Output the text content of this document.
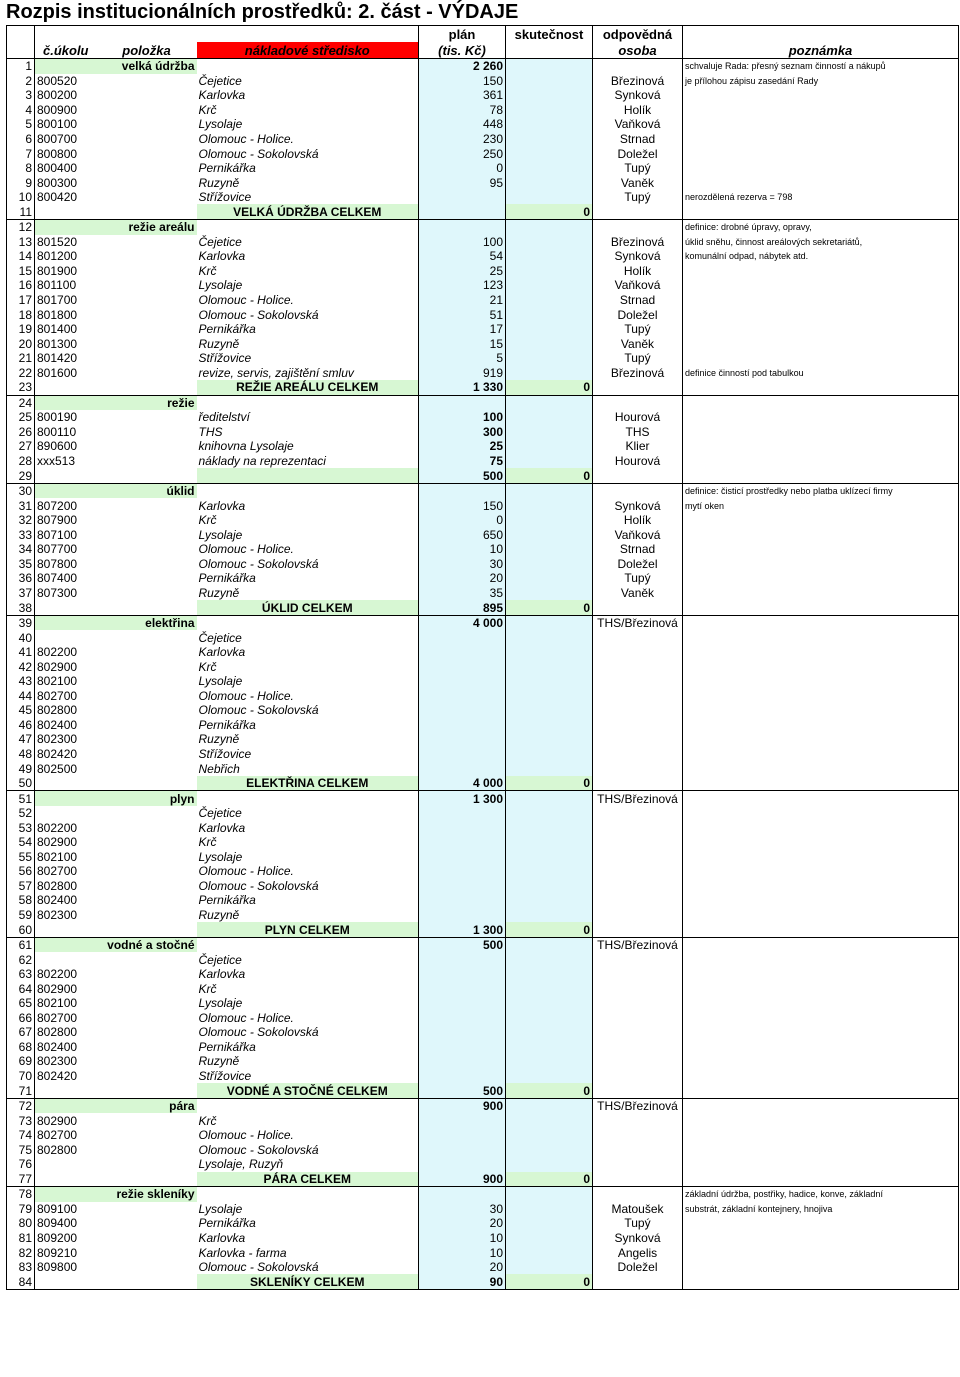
Rozpis institucionálních prostředků: 2. část - VÝDAJE
				plán	skutečnost	odpovědná	
	č.úkolu	položka	nákladové středisko	(tis. Kč)		osoba	poznámka
1	velká údržba			2 260			schvaluje Rada: přesný seznam činností a nákupů
2	800520		Čejetice	150		Březinová	je přílohou zápisu zasedání Rady
3	800200		Karlovka	361		Synková	
4	800900		Krč	78		Holík	
5	800100		Lysolaje	448		Vaňková	
6	800700		Olomouc - Holice.	230		Strnad	
7	800800		Olomouc - Sokolovská	250		Doležel	
8	800400		Pernikářka	0		Tupý	
9	800300		Ruzyně	95		Vaněk	
10	800420		Střížovice			Tupý	nerozdělená rezerva = 798
11			VELKÁ ÚDRŽBA CELKEM		0		
12	režie areálu						definice: drobné úpravy, opravy,
13	801520		Čejetice	100		Březinová	úklid sněhu, činnost areálových sekretariátů,
14	801200		Karlovka	54		Synková	komunální odpad, nábytek atd.
15	801900		Krč	25		Holík	
16	801100		Lysolaje	123		Vaňková	
17	801700		Olomouc - Holice.	21		Strnad	
18	801800		Olomouc - Sokolovská	51		Doležel	
19	801400		Pernikářka	17		Tupý	
20	801300		Ruzyně	15		Vaněk	
21	801420		Střížovice	5		Tupý	
22	801600		revize, servis, zajištění smluv	919		Březinová	definice činností pod tabulkou
23			REŽIE AREÁLU CELKEM	1 330	0		
24	režie						
25	800190		ředitelství	100		Hourová	
26	800110		THS	300		THS	
27	890600		knihovna Lysolaje	25		Klier	
28	xxx513		náklady na reprezentaci	75		Hourová	
29				500	0		
30	úklid						definice: čisticí prostředky nebo platba uklízecí firmy
31	807200		Karlovka	150		Synková	mytí oken
32	807900		Krč	0		Holík	
33	807100		Lysolaje	650		Vaňková	
34	807700		Olomouc - Holice.	10		Strnad	
35	807800		Olomouc - Sokolovská	30		Doležel	
36	807400		Pernikářka	20		Tupý	
37	807300		Ruzyně	35		Vaněk	
38			ÚKLID CELKEM	895	0		
39	elektřina			4 000		THS/Březinová	
40			Čejetice				
41	802200		Karlovka				
42	802900		Krč				
43	802100		Lysolaje				
44	802700		Olomouc - Holice.				
45	802800		Olomouc - Sokolovská				
46	802400		Pernikářka				
47	802300		Ruzyně				
48	802420		Střížovice				
49	802500		Nebřich				
50			ELEKTŘINA CELKEM	4 000	0		
51	plyn			1 300		THS/Březinová	
52			Čejetice				
53	802200		Karlovka				
54	802900		Krč				
55	802100		Lysolaje				
56	802700		Olomouc - Holice.				
57	802800		Olomouc - Sokolovská				
58	802400		Pernikářka				
59	802300		Ruzyně				
60			PLYN CELKEM	1 300	0		
61	vodné a stočné			500		THS/Březinová	
62			Čejetice				
63	802200		Karlovka				
64	802900		Krč				
65	802100		Lysolaje				
66	802700		Olomouc - Holice.				
67	802800		Olomouc - Sokolovská				
68	802400		Pernikářka				
69	802300		Ruzyně				
70	802420		Střížovice				
71			VODNÉ A STOČNÉ CELKEM	500	0		
72	pára			900		THS/Březinová	
73	802900		Krč				
74	802700		Olomouc - Holice.				
75	802800		Olomouc - Sokolovská				
76			Lysolaje, Ruzyň				
77			PÁRA CELKEM	900	0		
78	režie skleníky						základní údržba, postřiky, hadice, konve, základní
79	809100		Lysolaje	30		Matoušek	substrát, základní kontejnery, hnojiva
80	809400		Pernikářka	20		Tupý	
81	809200		Karlovka	10		Synková	
82	809210		Karlovka - farma	10		Angelis	
83	809800		Olomouc - Sokolovská	20		Doležel	
84			SKLENÍKY CELKEM	90	0		
